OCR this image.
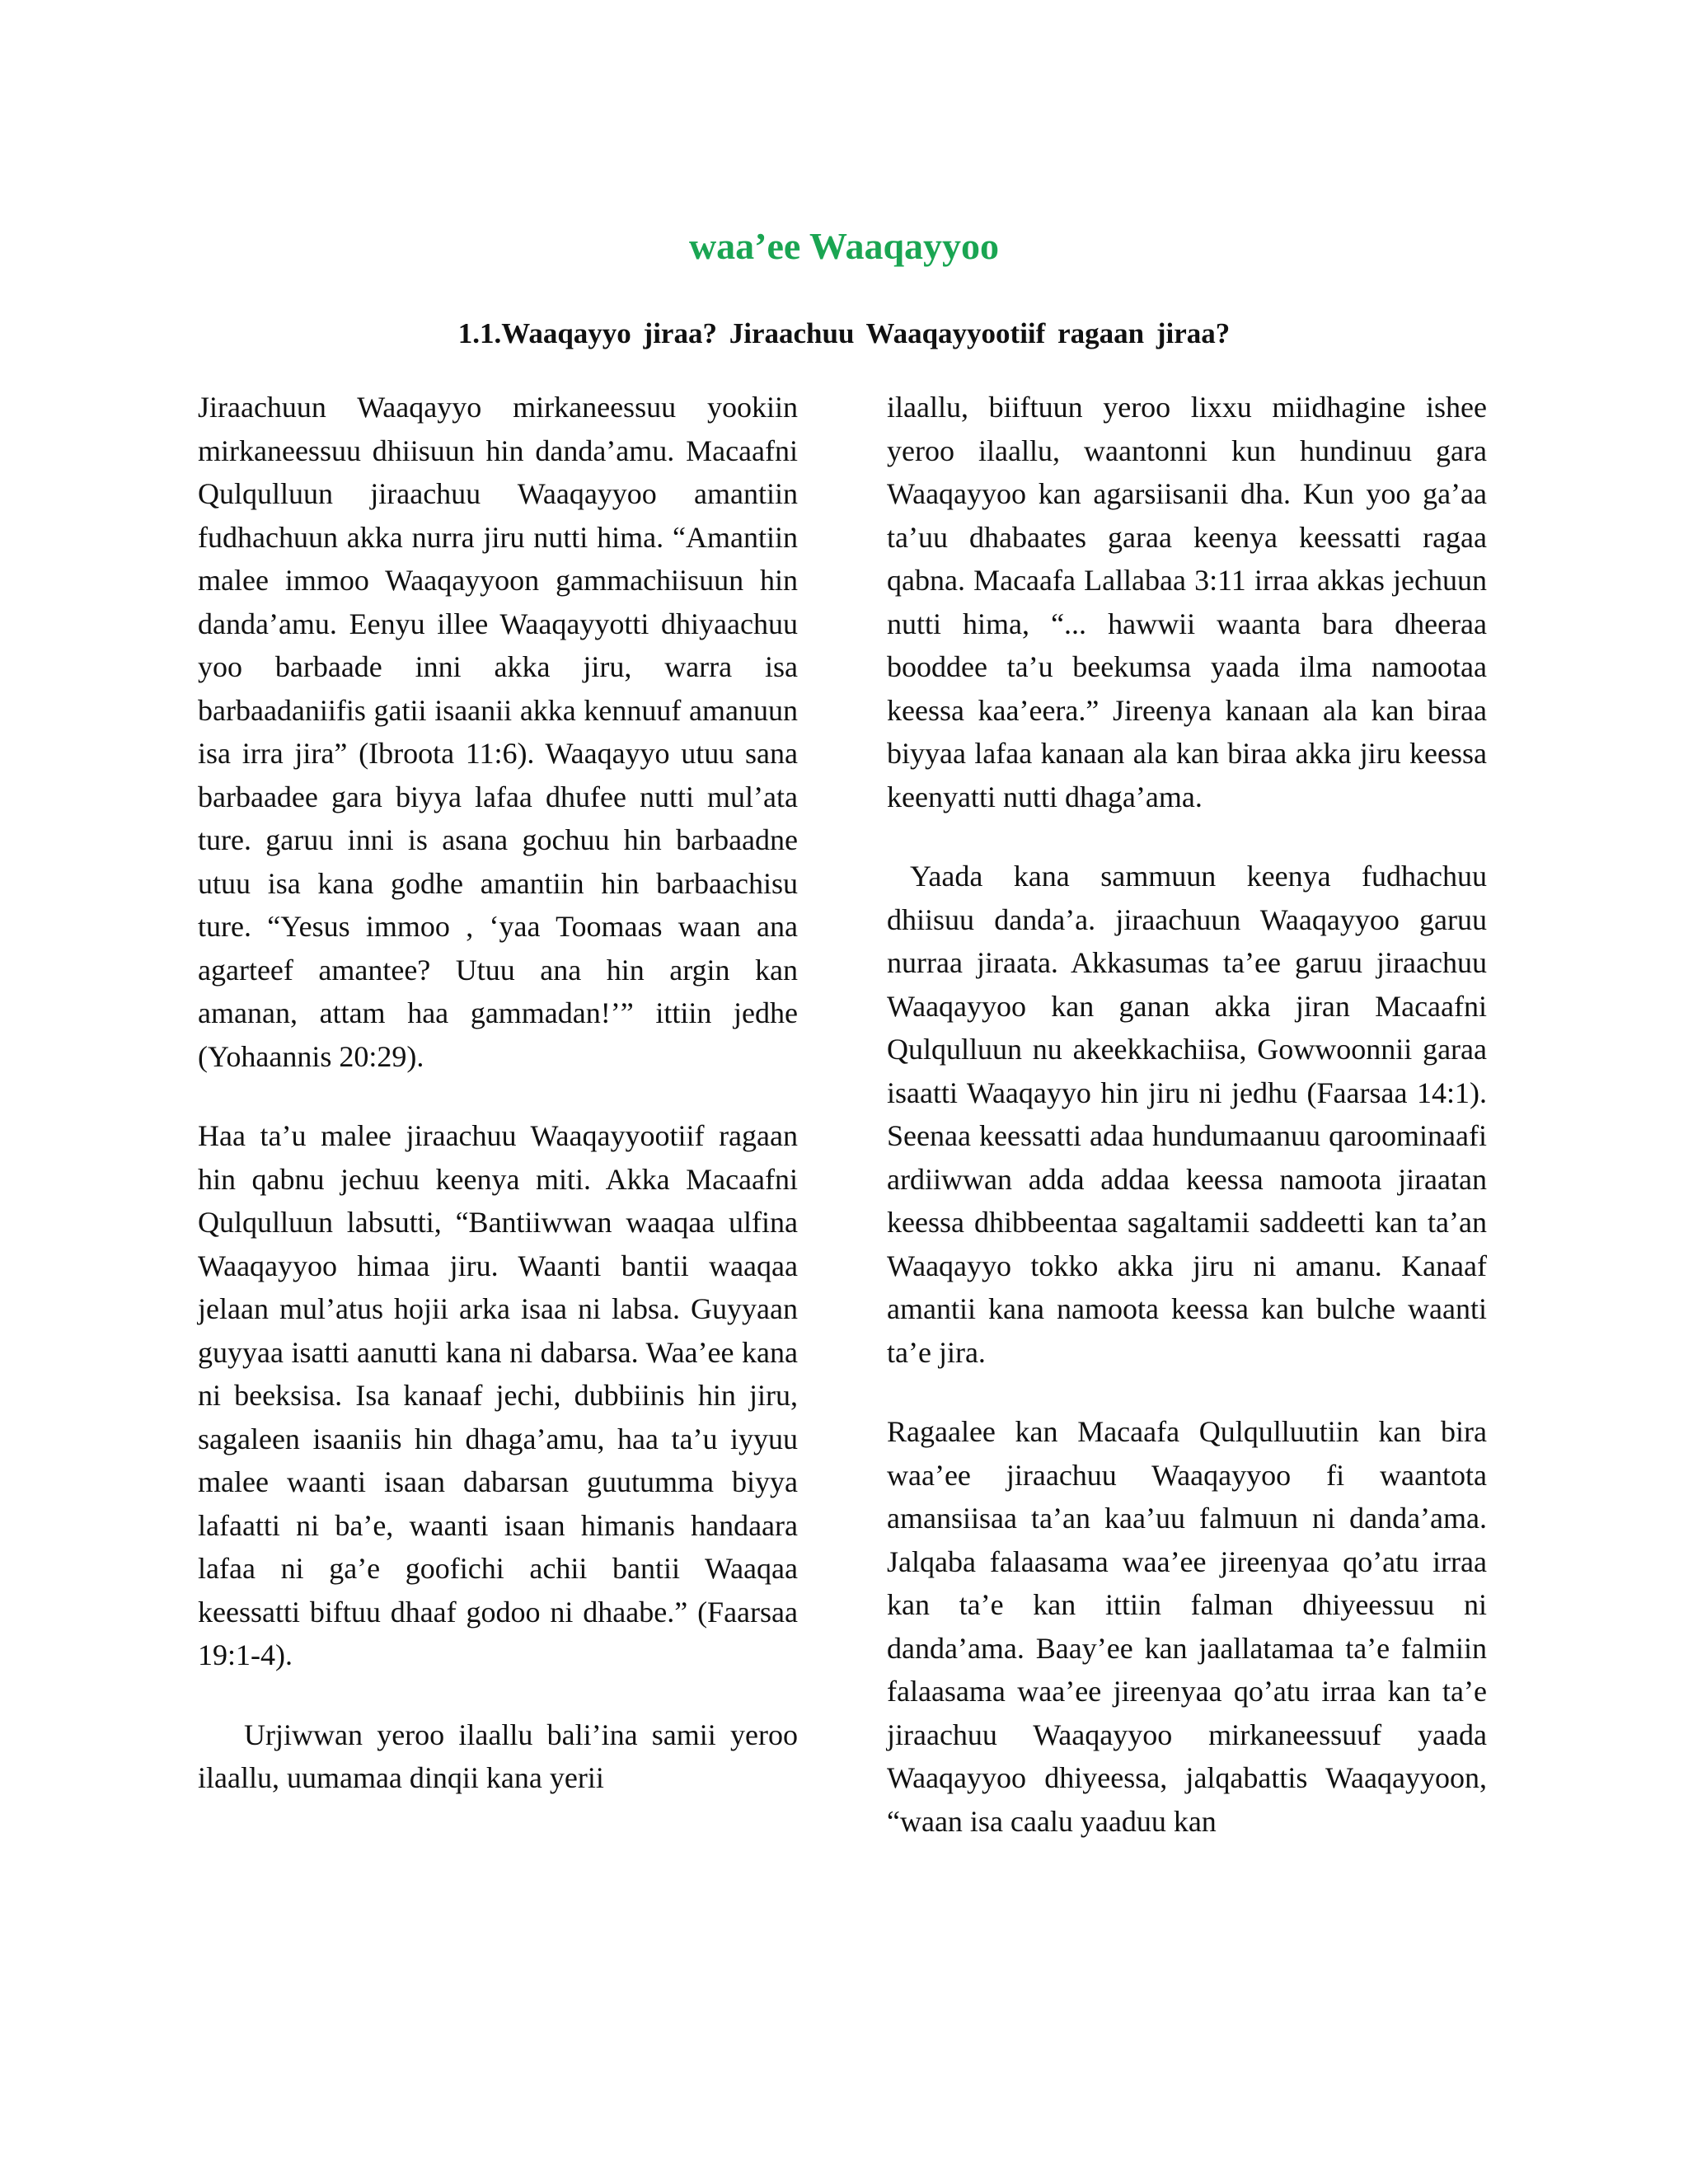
waa’ee Waaqayyoo
1.1.Waaqayyo jiraa? Jiraachuu Waaqayyootiif ragaan jiraa?

Jiraachuun Waaqayyo mirkaneessuu yookiin mirkaneessuu dhiisuun hin danda’amu. Macaafni Qulqulluun jiraachuu Waaqayyoo amantiin fudhachuun akka nurra jiru nutti hima. “Amantiin malee immoo Waaqayyoon gammachiisuun hin danda’amu. Eenyu illee Waaqayyotti dhiyaachuu yoo barbaade inni akka jiru, warra isa barbaadaniifis gatii isaanii akka kennuuf amanuun isa irra jira” (Ibroota 11:6). Waaqayyo utuu sana barbaadee gara biyya lafaa dhufee nutti mul’ata ture. garuu inni is asana gochuu hin barbaadne utuu isa kana godhe amantiin hin barbaachisu ture. “Yesus immoo , ‘yaa Toomaas waan ana agarteef amantee? Utuu ana hin argin kan amanan, attam haa gammadan!’” ittiin jedhe (Yohaannis 20:29).

Haa ta’u malee jiraachuu Waaqayyootiif ragaan hin qabnu jechuu keenya miti. Akka Macaafni Qulqulluun labsutti, “Bantiiwwan waaqaa ulfina Waaqayyoo himaa jiru. Waanti bantii waaqaa jelaan mul’atus hojii arka isaa ni labsa. Guyyaan guyyaa isatti aanutti kana ni dabarsa. Waa’ee kana ni beeksisa. Isa kanaaf jechi, dubbiinis hin jiru, sagaleen isaaniis hin dhaga’amu, haa ta’u iyyuu malee waanti isaan dabarsan guutumma biyya lafaatti ni ba’e, waanti isaan himanis handaara lafaa ni ga’e goofichi achii bantii Waaqaa keessatti biftuu dhaaf godoo ni dhaabe.” (Faarsaa 19:1-4).

Urjiwwan yeroo ilaallu bali’ina samii yeroo ilaallu, uumamaa dinqii kana yerii

ilaallu, biiftuun yeroo lixxu miidhagine ishee yeroo ilaallu, waantonni kun hundinuu gara Waaqayyoo kan agarsiisanii dha. Kun yoo ga’aa ta’uu dhabaates garaa keenya keessatti ragaa qabna. Macaafa Lallabaa 3:11 irraa akkas jechuun nutti hima, “... hawwii waanta bara dheeraa booddee ta’u beekumsa yaada ilma namootaa keessa kaa’eera.” Jireenya kanaan ala kan biraa biyyaa lafaa kanaan ala kan biraa akka jiru keessa keenyatti nutti dhaga’ama.

Yaada kana sammuun keenya fudhachuu dhiisuu danda’a. jiraachuun Waaqayyoo garuu nurraa jiraata. Akkasumas ta’ee garuu jiraachuu Waaqayyoo kan ganan akka jiran Macaafni Qulqulluun nu akeekkachiisa, Gowwoonnii garaa isaatti Waaqayyo hin jiru ni jedhu (Faarsaa 14:1). Seenaa keessatti adaa hundumaanuu qaroominaafi ardiiwwan adda addaa keessa namoota jiraatan keessa dhibbeentaa sagaltamii saddeetti kan ta’an Waaqayyo tokko akka jiru ni amanu. Kanaaf amantii kana namoota keessa kan bulche waanti ta’e jira.

Ragaalee kan Macaafa Qulqulluutiin kan bira waa’ee jiraachuu Waaqayyoo fi waantota amansiisaa ta’an kaa’uu falmuun ni danda’ama. Jalqaba falaasama waa’ee jireenyaa qo’atu irraa kan ta’e kan ittiin falman dhiyeessuu ni danda’ama. Baay’ee kan jaallatamaa ta’e falmiin falaasama waa’ee jireenyaa qo’atu irraa kan ta’e jiraachuu Waaqayyoo mirkaneessuuf yaada Waaqayyoo dhiyeessa, jalqabattis Waaqayyoon, “waan isa caalu yaaduu kan
